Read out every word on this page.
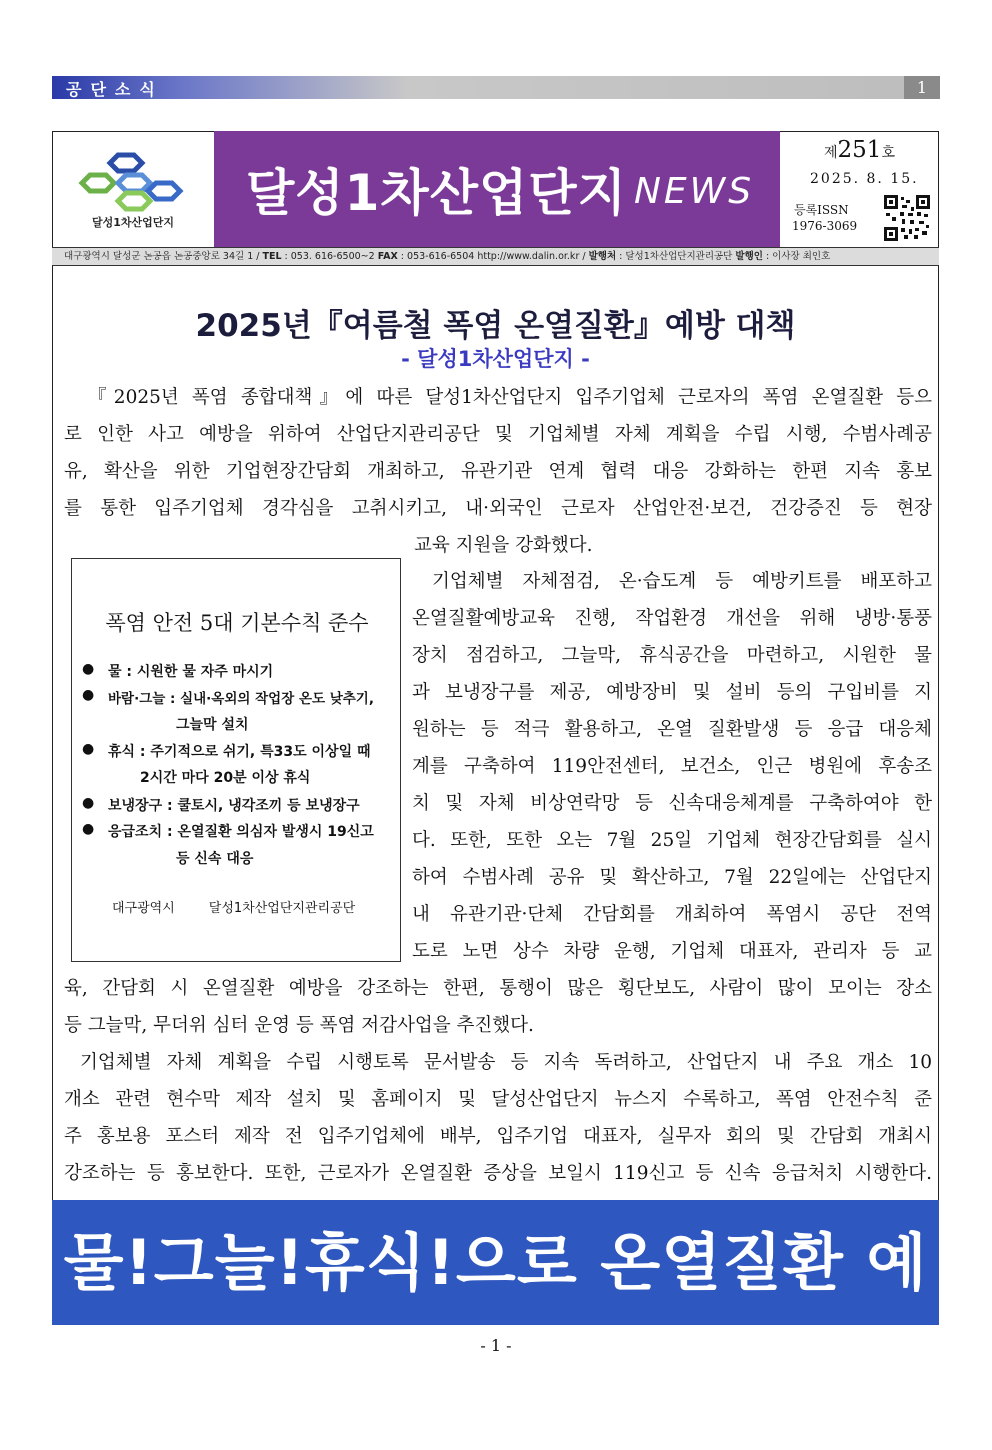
공단소식	1
달성1차산업단지
달성1차산업단지 NEWS
제251호
2025. 8. 15.
등록ISSN
1976-3069
대구광역시 달성군 논공읍 논공중앙로 34길 1 / TEL : 053. 616-6500~2 FAX : 053-616-6504 http://www.dalin.or.kr / 발행처 : 달성1차산업단지관리공단 발행인 : 이사장 최인호
2025년『여름철 폭염 온열질환』예방 대책
- 달성1차산업단지 -
『2025년 폭염 종합대책』에 따른 달성1차산업단지 입주기업체 근로자의 폭염 온열질환 등으
로 인한 사고 예방을 위하여 산업단지관리공단 및 기업체별 자체 계획을 수립 시행, 수범사례공
유, 확산을 위한 기업현장간담회 개최하고, 유관기관 연계 협력 대응 강화하는 한편 지속 홍보
를 통한 입주기업체 경각심을 고취시키고, 내·외국인 근로자 산업안전·보건, 건강증진 등 현장
교육 지원을 강화했다.
기업체별 자체점검, 온·습도계 등 예방키트를 배포하고
온열질활예방교육 진행, 작업환경 개선을 위해 냉방·통풍
장치 점검하고, 그늘막, 휴식공간을 마련하고, 시원한 물
과 보냉장구를 제공, 예방장비 및 설비 등의 구입비를 지
원하는 등 적극 활용하고, 온열 질환발생 등 응급 대응체
계를 구축하여 119안전센터, 보건소, 인근 병원에 후송조
치 및 자체 비상연락망 등 신속대응체계를 구축하여야 한
다. 또한, 또한 오는 7월 25일 기업체 현장간담회를 실시
하여 수범사례 공유 및 확산하고, 7월 22일에는 산업단지
내 유관기관·단체 간담회를 개최하여 폭염시 공단 전역
도로 노면 상수 차량 운행, 기업체 대표자, 관리자 등 교
육, 간담회 시 온열질환 예방을 강조하는 한편, 통행이 많은 횡단보도, 사람이 많이 모이는 장소
등 그늘막, 무더위 심터 운영 등 폭염 저감사업을 추진했다.
기업체별 자체 계획을 수립 시행토록 문서발송 등 지속 독려하고, 산업단지 내 주요 개소 10
개소 관련 현수막 제작 설치 및 홈페이지 및 달성산업단지 뉴스지 수록하고, 폭염 안전수칙 준
주 홍보용 포스터 제작 전 입주기업체에 배부, 입주기업 대표자, 실무자 회의 및 간담회 개최시
강조하는 등 홍보한다. 또한, 근로자가 온열질환 증상을 보일시 119신고 등 신속 응급처치 시행한다.
폭염 안전 5대 기본수칙 준수
● 물 : 시원한 물 자주 마시기
● 바람·그늘 : 실내·옥외의 작업장 온도 낮추기,
그늘막 설치
● 휴식 : 주기적으로 쉬기, 특33도 이상일 때
2시간 마다 20분 이상 휴식
● 보냉장구 : 쿨토시, 냉각조끼 등 보냉장구
● 응급조치 : 온열질환 의심자 발생시 19신고
등 신속 대응
대구광역시	달성1차산업단지관리공단
물!그늘!휴식!으로 온열질환 예방
- 1 -
